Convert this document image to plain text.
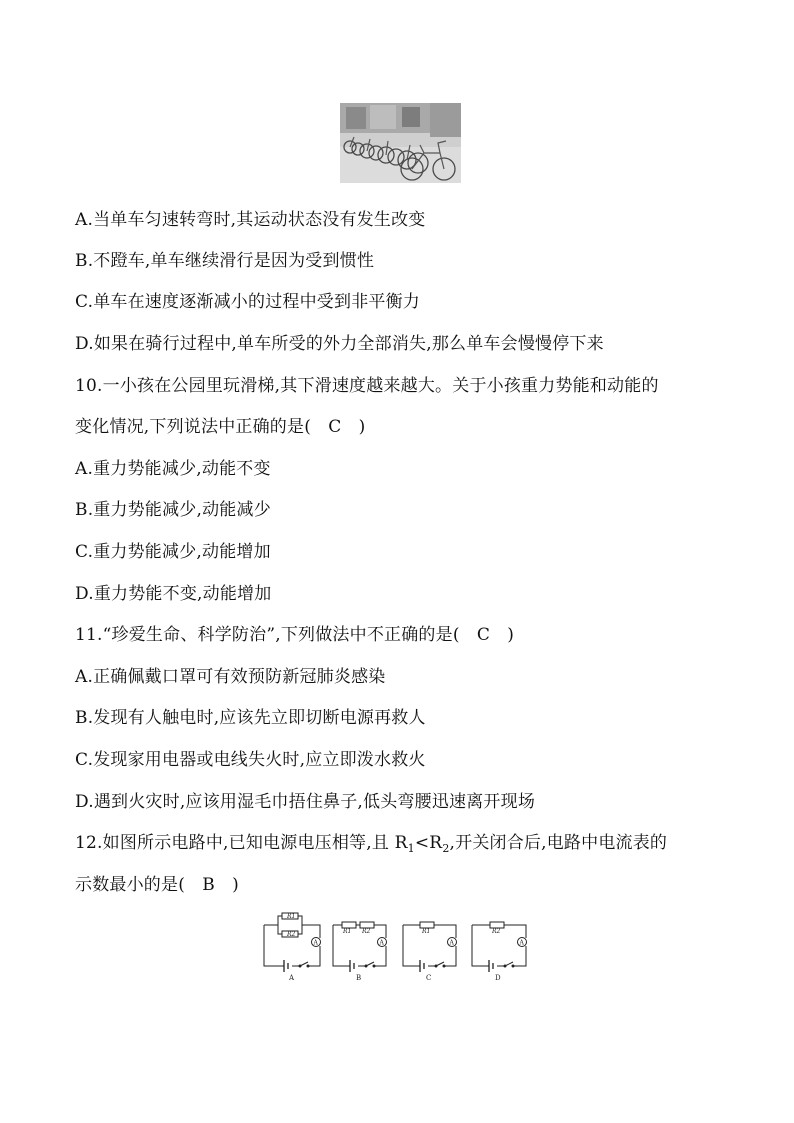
A.当单车匀速转弯时,其运动状态没有发生改变
B.不蹬车,单车继续滑行是因为受到惯性
C.单车在速度逐渐减小的过程中受到非平衡力
D.如果在骑行过程中,单车所受的外力全部消失,那么单车会慢慢停下来
10.一小孩在公园里玩滑梯,其下滑速度越来越大。关于小孩重力势能和动能的
变化情况,下列说法中正确的是(　C　)
A.重力势能减少,动能不变
B.重力势能减少,动能减少
C.重力势能减少,动能增加
D.重力势能不变,动能增加
11.“珍爱生命、科学防治”,下列做法中不正确的是(　C　)
A.正确佩戴口罩可有效预防新冠肺炎感染
B.发现有人触电时,应该先立即切断电源再救人
C.发现家用电器或电线失火时,应立即泼水救火
D.遇到火灾时,应该用湿毛巾捂住鼻子,低头弯腰迅速离开现场
12.如图所示电路中,已知电源电压相等,且 $R_1<R_2$,开关闭合后,电路中电流表的
示数最小的是(　B　)
R1
R2
A
A
R1 R2
A
B
R1
A
C
R2
A
D
